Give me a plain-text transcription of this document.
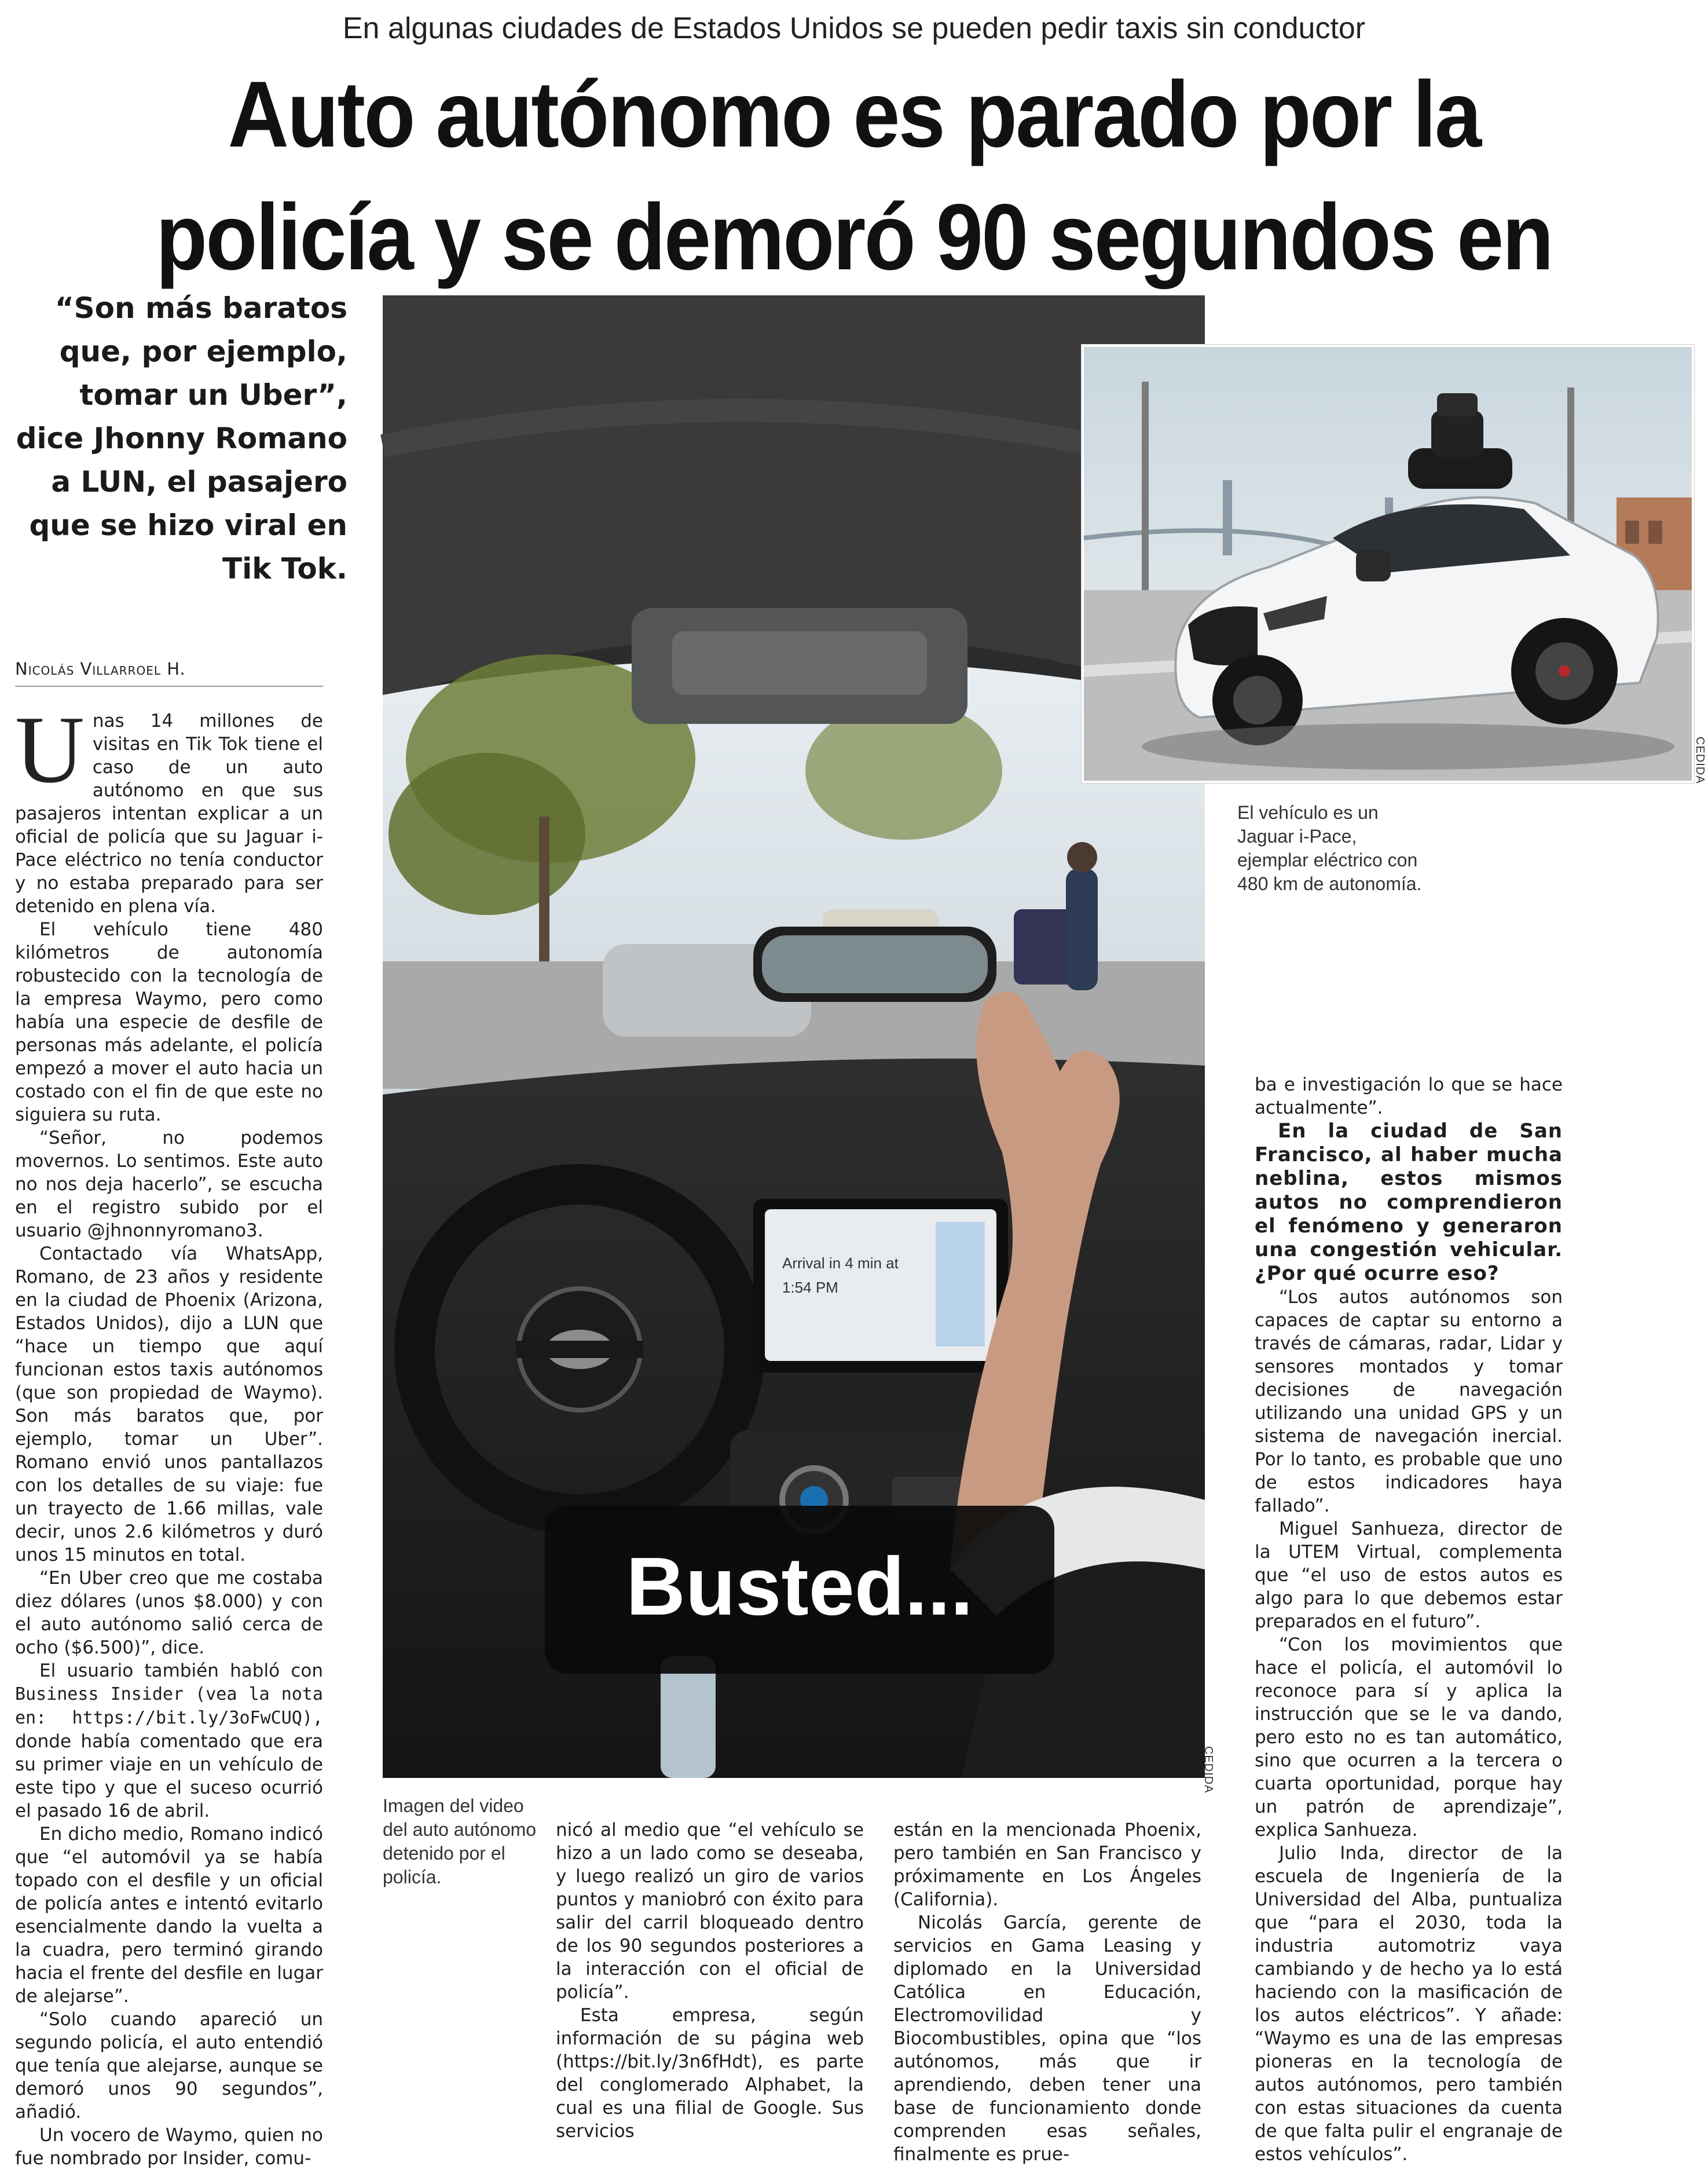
En algunas ciudades de Estados Unidos se pueden pedir taxis sin conductor
Auto autónomo es parado por la policía y se demoró 90 segundos en
“Son más baratos que, por ejemplo, tomar un Uber”, dice Jhonny Romano a LUN, el pasajero que se hizo viral en Tik Tok.
Nicolás Villarroel H.

Unas 14 millones de visitas en Tik Tok tiene el caso de un auto autónomo en que sus pasajeros intentan explicar a un oficial de policía que su Jaguar i-Pace eléctrico no tenía conductor y no estaba preparado para ser detenido en plena vía.

El vehículo tiene 480 kilómetros de autonomía robustecido con la tecnología de la empresa Waymo, pero como había una especie de desfile de personas más adelante, el policía empezó a mover el auto hacia un costado con el fin de que este no siguiera su ruta.

“Señor, no podemos movernos. Lo sentimos. Este auto no nos deja hacerlo”, se escucha en el registro subido por el usuario @jhnonnyromano3.

Contactado vía WhatsApp, Romano, de 23 años y residente en la ciudad de Phoenix (Arizona, Estados Unidos), dijo a LUN que “hace un tiempo que aquí funcionan estos taxis autónomos (que son propiedad de Waymo). Son más baratos que, por ejemplo, tomar un Uber”. Romano envió unos pantallazos con los detalles de su viaje: fue un trayecto de 1.66 millas, vale decir, unos 2.6 kilómetros y duró unos 15 minutos en total.

“En Uber creo que me costaba diez dólares (unos $8.000) y con el auto autónomo salió cerca de ocho ($6.500)”, dice.

El usuario también habló con Business Insider (vea la nota en: https://bit.ly/3oFwCUQ), donde había comentado que era su primer viaje en un vehículo de este tipo y que el suceso ocurrió el pasado 16 de abril.

En dicho medio, Romano indicó que “el automóvil ya se había topado con el desfile y un oficial de policía antes e intentó evitarlo esencialmente dando la vuelta a la cuadra, pero terminó girando hacia el frente del desfile en lugar de alejarse”.

“Solo cuando apareció un segundo policía, el auto entendió que tenía que alejarse, aunque se demoró unos 90 segundos”, añadió.

Un vocero de Waymo, quien no fue nombrado por Insider, comu-

Arrival in 4 min at
1:54 PM
Busted...
CEDIDA
Imagen del video del auto autónomo detenido por el policía.
CEDIDA
El vehículo es un Jaguar i-Pace, ejemplar eléctrico con 480 km de autonomía.

nicó al medio que “el vehículo se hizo a un lado como se deseaba, y luego realizó un giro de varios puntos y maniobró con éxito para salir del carril bloqueado dentro de los 90 segundos posteriores a la interacción con el oficial de policía”.

Esta empresa, según información de su página web (https://bit.ly/3n6fHdt), es parte del conglomerado Alphabet, la cual es una filial de Google. Sus servicios

están en la mencionada Phoenix, pero también en San Francisco y próximamente en Los Ángeles (California).

Nicolás García, gerente de servicios en Gama Leasing y diplomado en la Universidad Católica en Educación, Electromovilidad y Biocombustibles, opina que “los autónomos, más que ir aprendiendo, deben tener una base de funcionamiento donde comprenden esas señales, finalmente es prue-

ba e investigación lo que se hace actualmente”.

En la ciudad de San Francisco, al haber mucha neblina, estos mismos autos no comprendieron el fenómeno y generaron una congestión vehicular. ¿Por qué ocurre eso?

“Los autos autónomos son capaces de captar su entorno a través de cámaras, radar, Lidar y sensores montados y tomar decisiones de navegación utilizando una unidad GPS y un sistema de navegación inercial. Por lo tanto, es probable que uno de estos indicadores haya fallado”.

Miguel Sanhueza, director de la UTEM Virtual, complementa que “el uso de estos autos es algo para lo que debemos estar preparados en el futuro”.

“Con los movimientos que hace el policía, el automóvil lo reconoce para sí y aplica la instrucción que se le va dando, pero esto no es tan automático, sino que ocurren a la tercera o cuarta oportunidad, porque hay un patrón de aprendizaje”, explica Sanhueza.

Julio Inda, director de la escuela de Ingeniería de la Universidad del Alba, puntualiza que “para el 2030, toda la industria automotriz vaya cambiando y de hecho ya lo está haciendo con la masificación de los autos eléctricos”. Y añade: “Waymo es una de las empresas pioneras en la tecnología de autos autónomos, pero también con estas situaciones da cuenta de que falta pulir el engranaje de estos vehículos”.
